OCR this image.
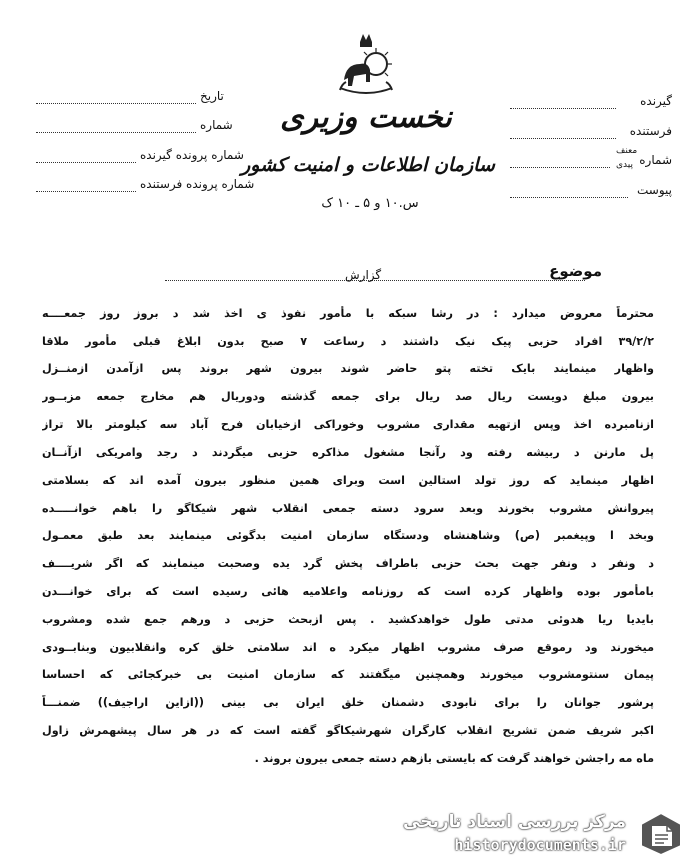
نخست وزیری
سازمان اطلاعات و امنیت کشور
س.۱۰ و ۵ ـ ۱۰ ک
گیرنده
فرستنده
شماره
معنف
پیدی
پیوست
تاریخ
شماره
شماره پرونده گیرنده
شماره پرونده فرستنده
موضوع
گزارش
محترماً معروض میدارد : در رشا سبکه با مأمور نفوذ ی اخذ شد د بروز روز جمعــــه
۳۹/۲/۲ افراد حزبی پیک نیک داشتند د رساعت ۷ صبح بدون ابلاغ قبلی مأمور ملاقا
واظهار مینمایند بایک تخته پتو حاضر شوند بیرون شهر بروند پس ازآمدن ازمنــزل
بیرون مبلغ دویست ریال صد ریال برای جمعه گذشته ودوریال هم مخارج جمعه مزبــور
ازنامبرده اخذ وپس ازتهیه مقداری مشروب وخوراکی ازخیابان فرح آباد سه کیلومتر بالا تراز
پل مارنن د ربیشه رفته ود رآنجا مشغول مذاکره حزبی میگردند د رجد وامریکی ازآنــان
اظهار مینماید که روز تولد استالین است وبرای همین منظور بیرون آمده اند که بسلامتی
پیروانش مشروب بخورند وبعد سرود دسته جمعی انقلاب شهر شیکاگو را باهم خوانـــــده
وبخد ا وپیغمبر (ص) وشاهنشاه ودستگاه سازمان امنیت بدگوئی مینمایند بعد طبق معمـول
د ونفر د ونفر جهت بحث حزبی باطراف پخش گرد یده وصحبت مینمایند که اگر شریــــف
بامأمور بوده واظهار کرده است که روزنامه واعلامیه هائی رسیده است که برای خوانـــدن
بایدیا ریا هدوئی مدتی طول خواهدکشید . پس ازبحث حزبی د ورهم جمع شده ومشروب
میخورند ود رموقع صرف مشروب اظهار میکرد ه اند سلامتی خلق کره وانقلابیون وبنابــودی
پیمان سنتومشروب میخورند وهمچنین میگفتند که سازمان امنیت بی خبرکجائی که احساسا
پرشور جوانان را برای نابودی دشمنان خلق ایران بی بینی ((ازاین اراجیف)) ضمنـــاً
اکبر شریف ضمن تشریح انقلاب کارگران شهرشیکاگو گفته است که در هر سال پیشهمرش زاول
ماه مه راجشن خواهند گرفت که بایستی بازهم دسته جمعی بیرون بروند .
مرکز بررسی اسناد تاریخی
historydocuments.ir
